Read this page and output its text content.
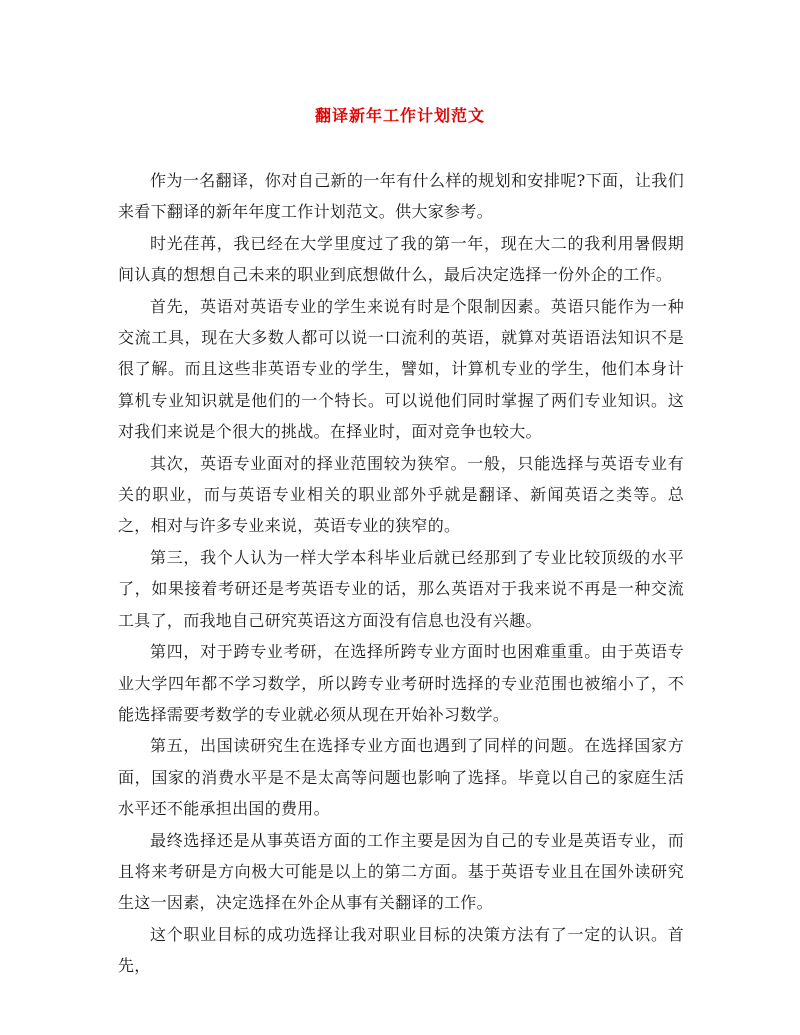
翻译新年工作计划范文

作为一名翻译，你对自己新的一年有什么样的规划和安排呢?下面，让我们来看下翻译的新年年度工作计划范文。供大家参考。

时光荏苒，我已经在大学里度过了我的第一年，现在大二的我利用暑假期间认真的想想自己未来的职业到底想做什么，最后决定选择一份外企的工作。

首先，英语对英语专业的学生来说有时是个限制因素。英语只能作为一种交流工具，现在大多数人都可以说一口流利的英语，就算对英语语法知识不是很了解。而且这些非英语专业的学生，譬如，计算机专业的学生，他们本身计算机专业知识就是他们的一个特长。可以说他们同时掌握了两们专业知识。这对我们来说是个很大的挑战。在择业时，面对竞争也较大。

其次，英语专业面对的择业范围较为狭窄。一般，只能选择与英语专业有关的职业，而与英语专业相关的职业部外乎就是翻译、新闻英语之类等。总之，相对与许多专业来说，英语专业的狭窄的。

第三，我个人认为一样大学本科毕业后就已经那到了专业比较顶级的水平了，如果接着考研还是考英语专业的话，那么英语对于我来说不再是一种交流工具了，而我地自己研究英语这方面没有信息也没有兴趣。

第四，对于跨专业考研，在选择所跨专业方面时也困难重重。由于英语专业大学四年都不学习数学，所以跨专业考研时选择的专业范围也被缩小了，不能选择需要考数学的专业就必须从现在开始补习数学。

第五，出国读研究生在选择专业方面也遇到了同样的问题。在选择国家方面，国家的消费水平是不是太高等问题也影响了选择。毕竟以自己的家庭生活水平还不能承担出国的费用。

最终选择还是从事英语方面的工作主要是因为自己的专业是英语专业，而且将来考研是方向极大可能是以上的第二方面。基于英语专业且在国外读研究生这一因素，决定选择在外企从事有关翻译的工作。

这个职业目标的成功选择让我对职业目标的决策方法有了一定的认识。首先，
